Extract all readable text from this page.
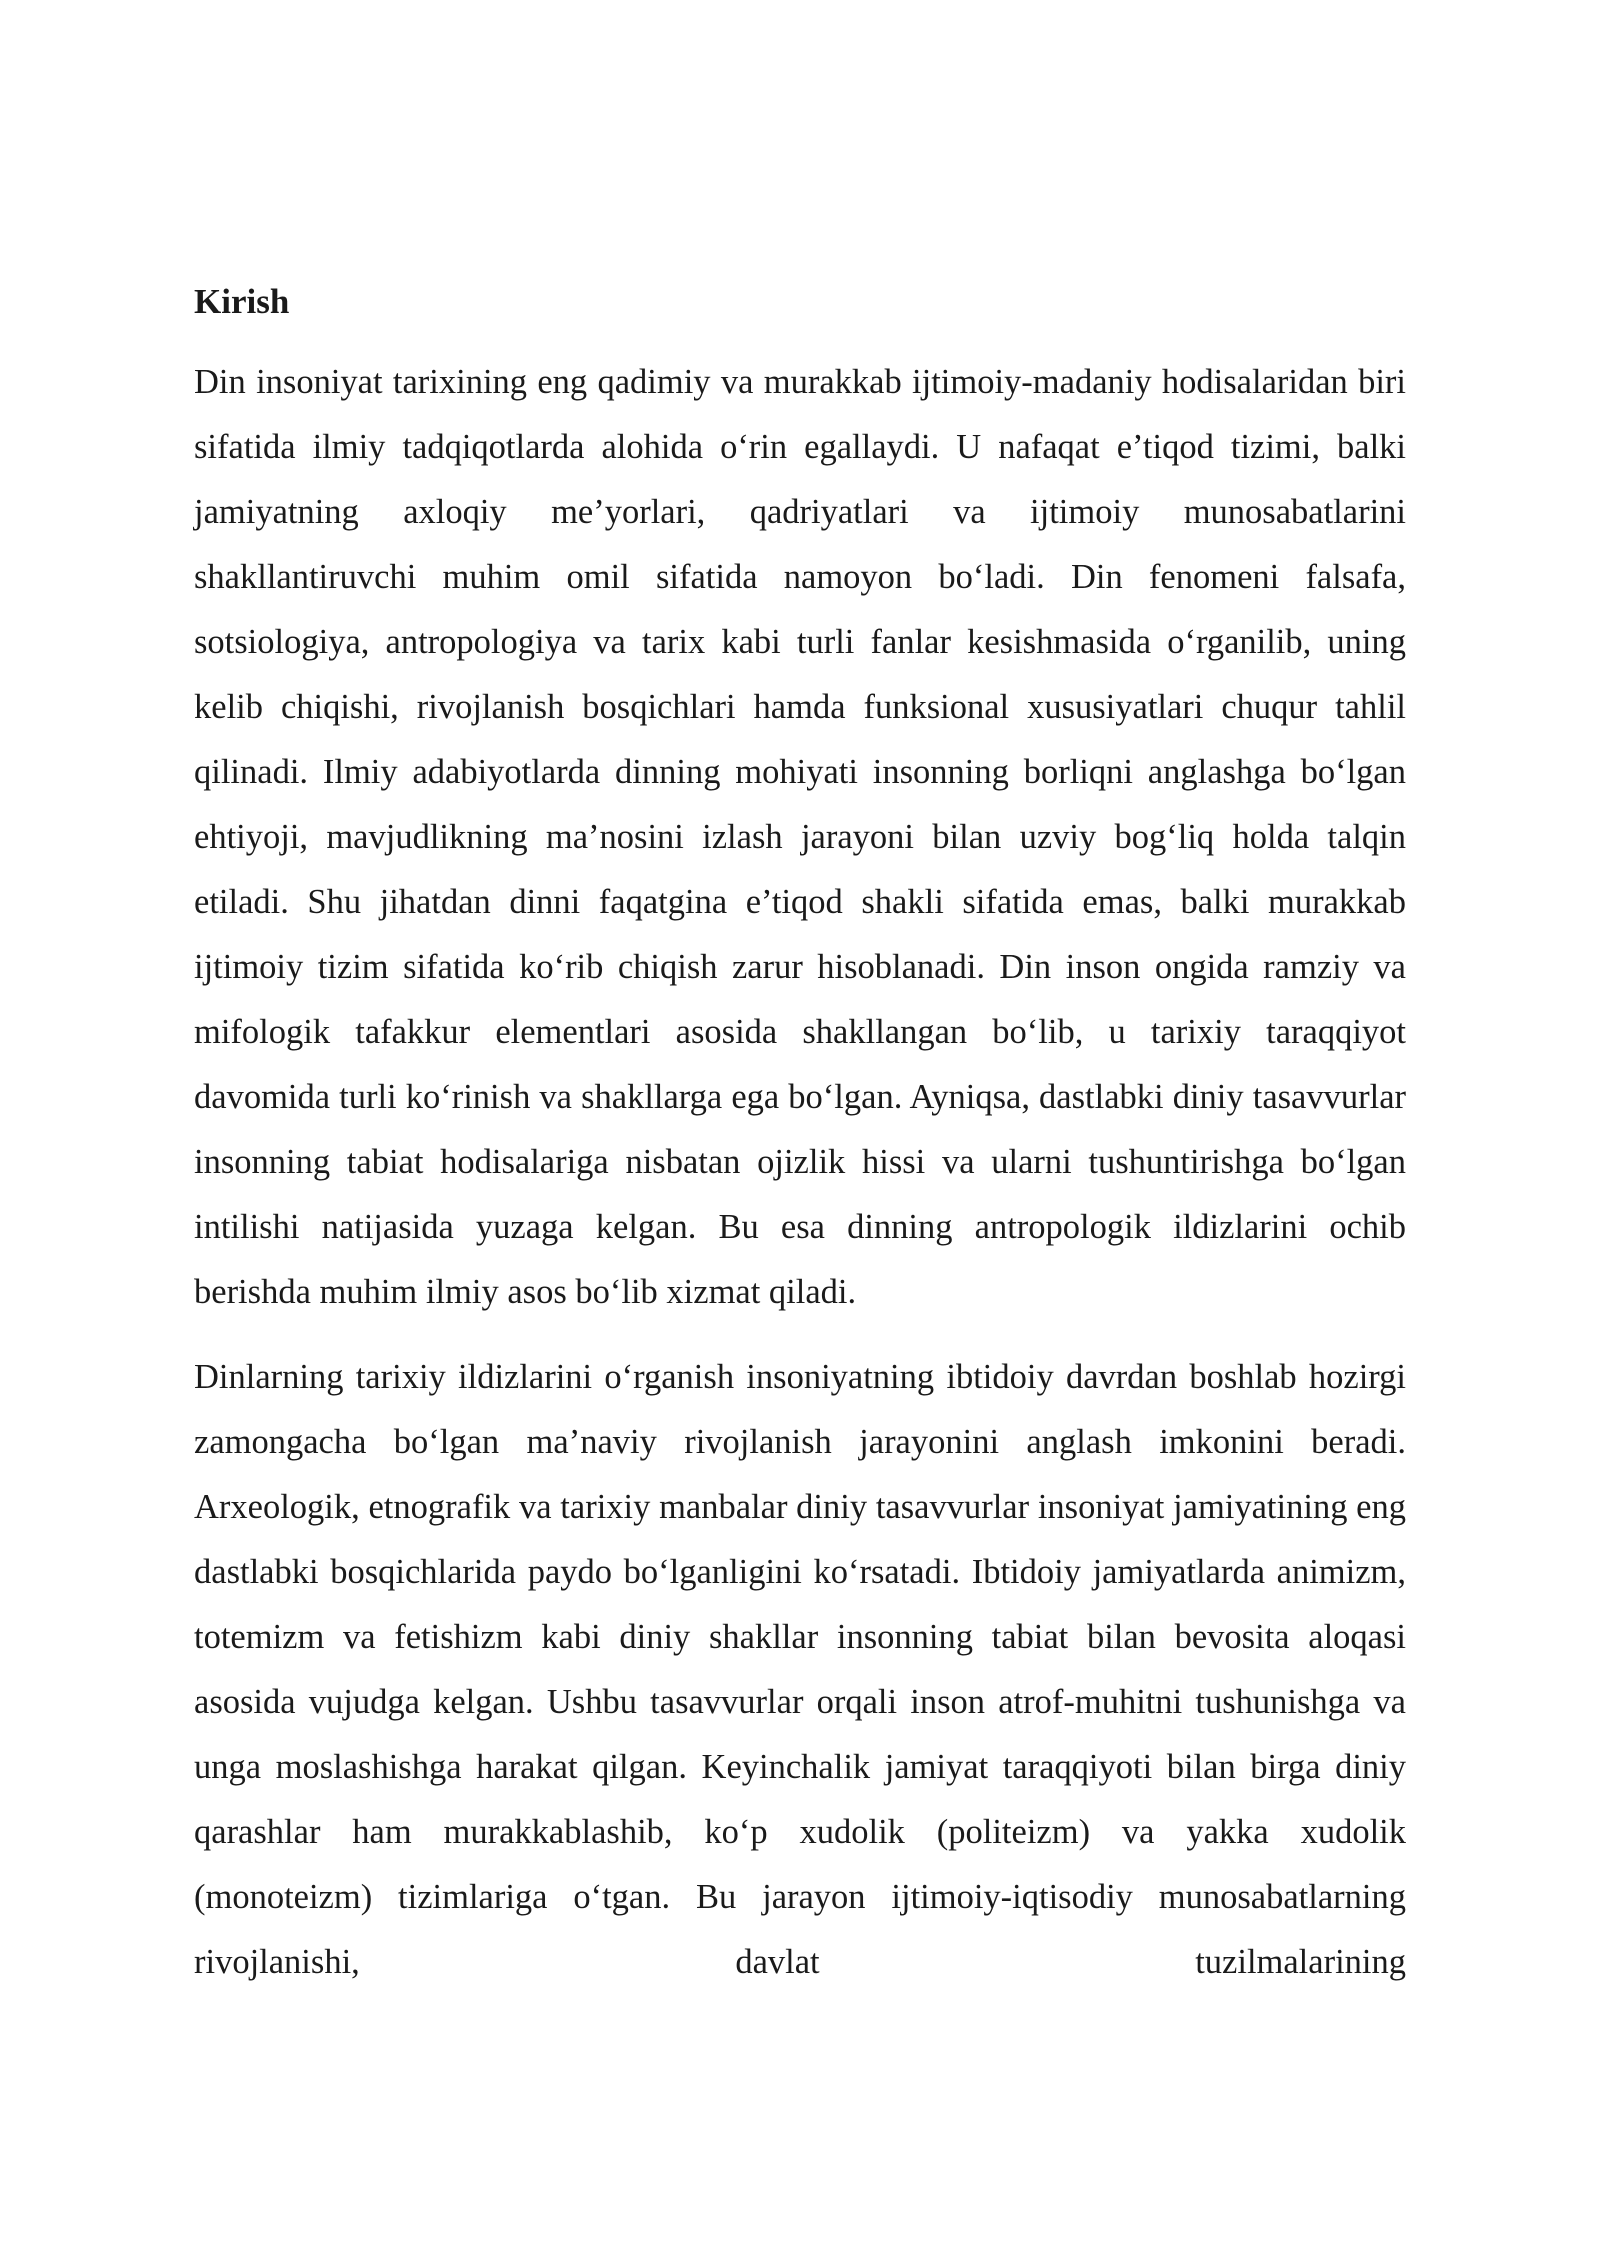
Kirish

Din insoniyat tarixining eng qadimiy va murakkab ijtimoiy-madaniy hodisalaridan biri sifatida ilmiy tadqiqotlarda alohida o‘rin egallaydi. U nafaqat e’tiqod tizimi, balki jamiyatning axloqiy me’yorlari, qadriyatlari va ijtimoiy munosabatlarini shakllantiruvchi muhim omil sifatida namoyon bo‘ladi. Din fenomeni falsafa, sotsiologiya, antropologiya va tarix kabi turli fanlar kesishmasida o‘rganilib, uning kelib chiqishi, rivojlanish bosqichlari hamda funksional xususiyatlari chuqur tahlil qilinadi. Ilmiy adabiyotlarda dinning mohiyati insonning borliqni anglashga bo‘lgan ehtiyoji, mavjudlikning ma’nosini izlash jarayoni bilan uzviy bog‘liq holda talqin etiladi. Shu jihatdan dinni faqatgina e’tiqod shakli sifatida emas, balki murakkab ijtimoiy tizim sifatida ko‘rib chiqish zarur hisoblanadi. Din inson ongida ramziy va mifologik tafakkur elementlari asosida shakllangan bo‘lib, u tarixiy taraqqiyot davomida turli ko‘rinish va shakllarga ega bo‘lgan. Ayniqsa, dastlabki diniy tasavvurlar insonning tabiat hodisalariga nisbatan ojizlik hissi va ularni tushuntirishga bo‘lgan intilishi natijasida yuzaga kelgan. Bu esa dinning antropologik ildizlarini ochib berishda muhim ilmiy asos bo‘lib xizmat qiladi.

Dinlarning tarixiy ildizlarini o‘rganish insoniyatning ibtidoiy davrdan boshlab hozirgi zamongacha bo‘lgan ma’naviy rivojlanish jarayonini anglash imkonini beradi. Arxeologik, etnografik va tarixiy manbalar diniy tasavvurlar insoniyat jamiyatining eng dastlabki bosqichlarida paydo bo‘lganligini ko‘rsatadi. Ibtidoiy jamiyatlarda animizm, totemizm va fetishizm kabi diniy shakllar insonning tabiat bilan bevosita aloqasi asosida vujudga kelgan. Ushbu tasavvurlar orqali inson atrof-muhitni tushunishga va unga moslashishga harakat qilgan. Keyinchalik jamiyat taraqqiyoti bilan birga diniy qarashlar ham murakkablashib, ko‘p xudolik (politeizm) va yakka xudolik (monoteizm) tizimlariga o‘tgan. Bu jarayon ijtimoiy-iqtisodiy munosabatlarning rivojlanishi, davlat tuzilmalarining
